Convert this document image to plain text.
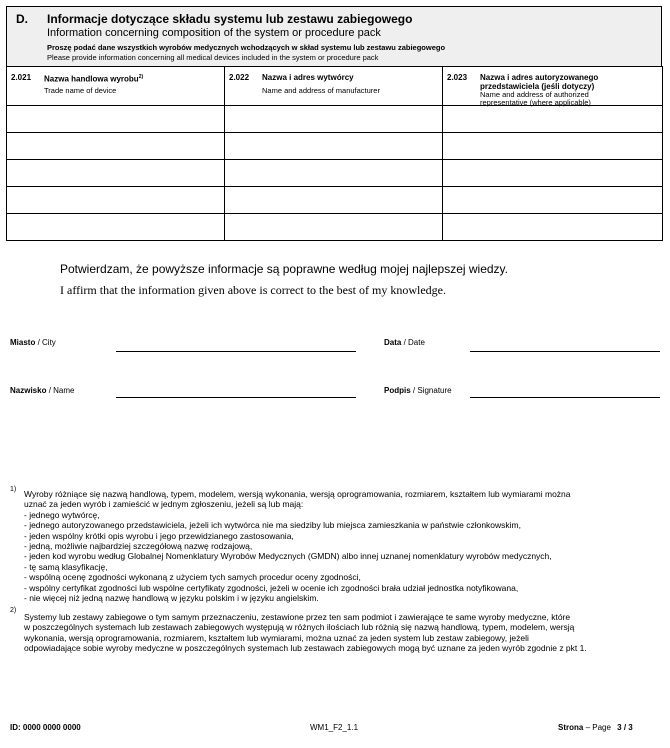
D. Informacje dotyczące składu systemu lub zestawu zabiegowego
Information concerning composition of the system or procedure pack
Proszę podać dane wszystkich wyrobów medycznych wchodzących w skład systemu lub zestawu zabiegowego
Please provide information concerning all medical devices included in the system or procedure pack
2.021 Nazwa handlowa wyrobu$^{2)}$
Trade name of device	2.022 Nazwa i adres wytwórcy
Name and address of manufacturer	2.023 Nazwa i adres autoryzowanego
przedstawiciela (jeśli dotyczy)
Name and address of authorized
representative (where applicable)

Potwierdzam, że powyższe informacje są poprawne według mojej najlepszej wiedzy.
I affirm that the information given above is correct to the best of my knowledge.
Miasto / City	Data / Date
Nazwisko / Name	Podpis / Signature
1) Wyroby różniące się nazwą handlową, typem, modelem, wersją wykonania, wersją oprogramowania, rozmiarem, kształtem lub wymiarami można
uznać za jeden wyrób i zamieścić w jednym zgłoszeniu, jeżeli są lub mają:
- jednego wytwórcę,
- jednego autoryzowanego przedstawiciela, jeżeli ich wytwórca nie ma siedziby lub miejsca zamieszkania w państwie członkowskim,
- jeden wspólny krótki opis wyrobu i jego przewidzianego zastosowania,
- jedną, możliwie najbardziej szczegółową nazwę rodzajową,
- jeden kod wyrobu według Globalnej Nomenklatury Wyrobów Medycznych (GMDN) albo innej uznanej nomenklatury wyrobów medycznych,
- tę samą klasyfikację,
- wspólną ocenę zgodności wykonaną z użyciem tych samych procedur oceny zgodności,
- wspólny certyfikat zgodności lub wspólne certyfikaty zgodności, jeżeli w ocenie ich zgodności brała udział jednostka notyfikowana,
- nie więcej niż jedną nazwę handlową w języku polskim i w języku angielskim.
2)
Systemy lub zestawy zabiegowe o tym samym przeznaczeniu, zestawione przez ten sam podmiot i zawierające te same wyroby medyczne, które
w poszczególnych systemach lub zestawach zabiegowych występują w różnych ilościach lub różnią się nazwą handlową, typem, modelem, wersją
wykonania, wersją oprogramowania, rozmiarem, kształtem lub wymiarami, można uznać za jeden system lub zestaw zabiegowy, jeżeli
odpowiadające sobie wyroby medyczne w poszczególnych systemach lub zestawach zabiegowych mogą być uznane za jeden wyrób zgodnie z pkt 1.
ID: 0000 0000 0000	WM1_F2_1.1	Strona – Page 3 / 3
